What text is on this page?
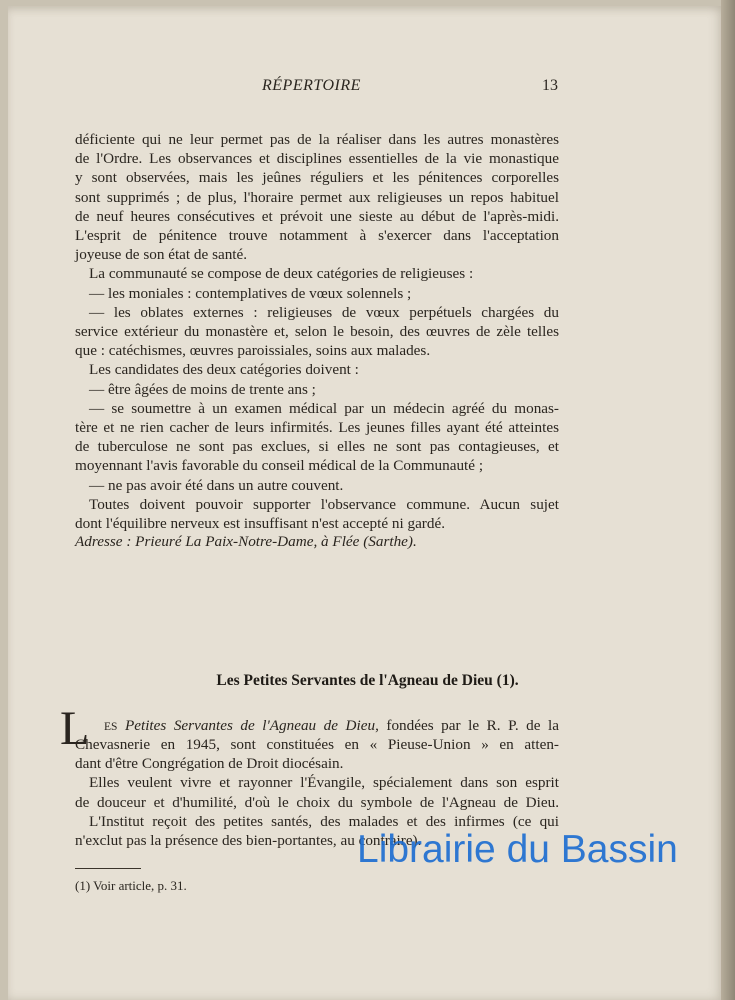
RÉPERTOIRE	13
déficiente qui ne leur permet pas de la réaliser dans les autres monastères
de l'Ordre. Les observances et disciplines essentielles de la vie monastique
y sont observées, mais les jeûnes réguliers et les pénitences corporelles
sont supprimés ; de plus, l'horaire permet aux religieuses un repos habituel
de neuf heures consécutives et prévoit une sieste au début de l'après-midi.
L'esprit de pénitence trouve notamment à s'exercer dans l'acceptation
joyeuse de son état de santé.
La communauté se compose de deux catégories de religieuses :
— les moniales : contemplatives de vœux solennels ;
— les oblates externes : religieuses de vœux perpétuels chargées du
service extérieur du monastère et, selon le besoin, des œuvres de zèle telles
que : catéchismes, œuvres paroissiales, soins aux malades.
Les candidates des deux catégories doivent :
— être âgées de moins de trente ans ;
— se soumettre à un examen médical par un médecin agréé du monas-
tère et ne rien cacher de leurs infirmités. Les jeunes filles ayant été atteintes
de tuberculose ne sont pas exclues, si elles ne sont pas contagieuses, et
moyennant l'avis favorable du conseil médical de la Communauté ;
— ne pas avoir été dans un autre couvent.
Toutes doivent pouvoir supporter l'observance commune. Aucun sujet
dont l'équilibre nerveux est insuffisant n'est accepté ni gardé.
Adresse : Prieuré La Paix-Notre-Dame, à Flée (Sarthe).
Les Petites Servantes de l'Agneau de Dieu (1).
L ES Petites Servantes de l'Agneau de Dieu, fondées par le R. P. de la
Chevasnerie en 1945, sont constituées en « Pieuse-Union » en atten-
dant d'être Congrégation de Droit diocésain.
Elles veulent vivre et rayonner l'Évangile, spécialement dans son esprit
de douceur et d'humilité, d'où le choix du symbole de l'Agneau de Dieu.
L'Institut reçoit des petites santés, des malades et des infirmes (ce qui
n'exclut pas la présence des bien-portantes, au contraire).
(1) Voir article, p. 31.
Librairie du Bassin
